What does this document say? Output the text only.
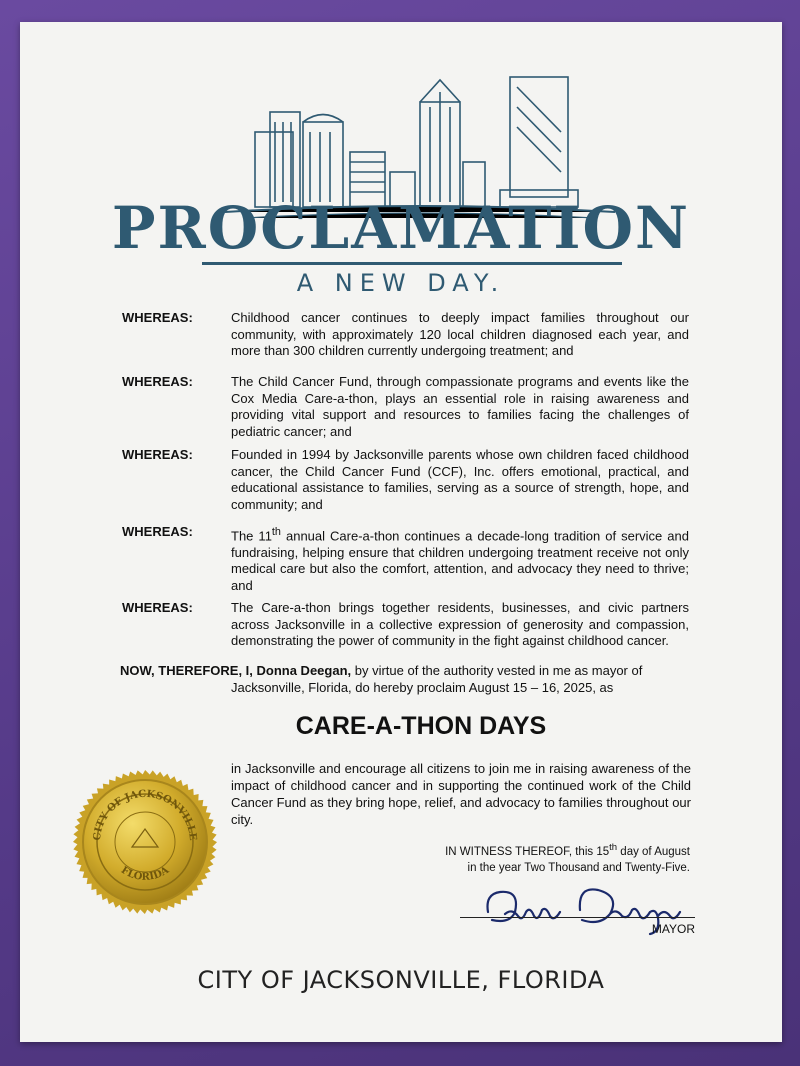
PROCLAMATION
A NEW DAY.
WHEREAS:	Childhood cancer continues to deeply impact families throughout our community, with approximately 120 local children diagnosed each year, and more than 300 children currently undergoing treatment; and
WHEREAS:	The Child Cancer Fund, through compassionate programs and events like the Cox Media Care-a-thon, plays an essential role in raising awareness and providing vital support and resources to families facing the challenges of pediatric cancer; and
WHEREAS:	Founded in 1994 by Jacksonville parents whose own children faced childhood cancer, the Child Cancer Fund (CCF), Inc. offers emotional, practical, and educational assistance to families, serving as a source of strength, hope, and community; and
WHEREAS:	The 11th annual Care-a-thon continues a decade-long tradition of service and fundraising, helping ensure that children undergoing treatment receive not only medical care but also the comfort, attention, and advocacy they need to thrive; and
WHEREAS:	The Care-a-thon brings together residents, businesses, and civic partners across Jacksonville in a collective expression of generosity and compassion, demonstrating the power of community in the fight against childhood cancer.
NOW, THEREFORE, I, Donna Deegan, by virtue of the authority vested in me as mayor of
Jacksonville, Florida, do hereby proclaim August 15 – 16, 2025, as
CARE-A-THON DAYS
in Jacksonville and encourage all citizens to join me in raising awareness of the impact of childhood cancer and in supporting the continued work of the Child Cancer Fund as they bring hope, relief, and advocacy to families throughout our city.
CITY OF JACKSONVILLE
FLORIDA
IN WITNESS THEREOF, this 15th day of August
in the year Two Thousand and Twenty-Five.
MAYOR
CITY OF JACKSONVILLE, FLORIDA
